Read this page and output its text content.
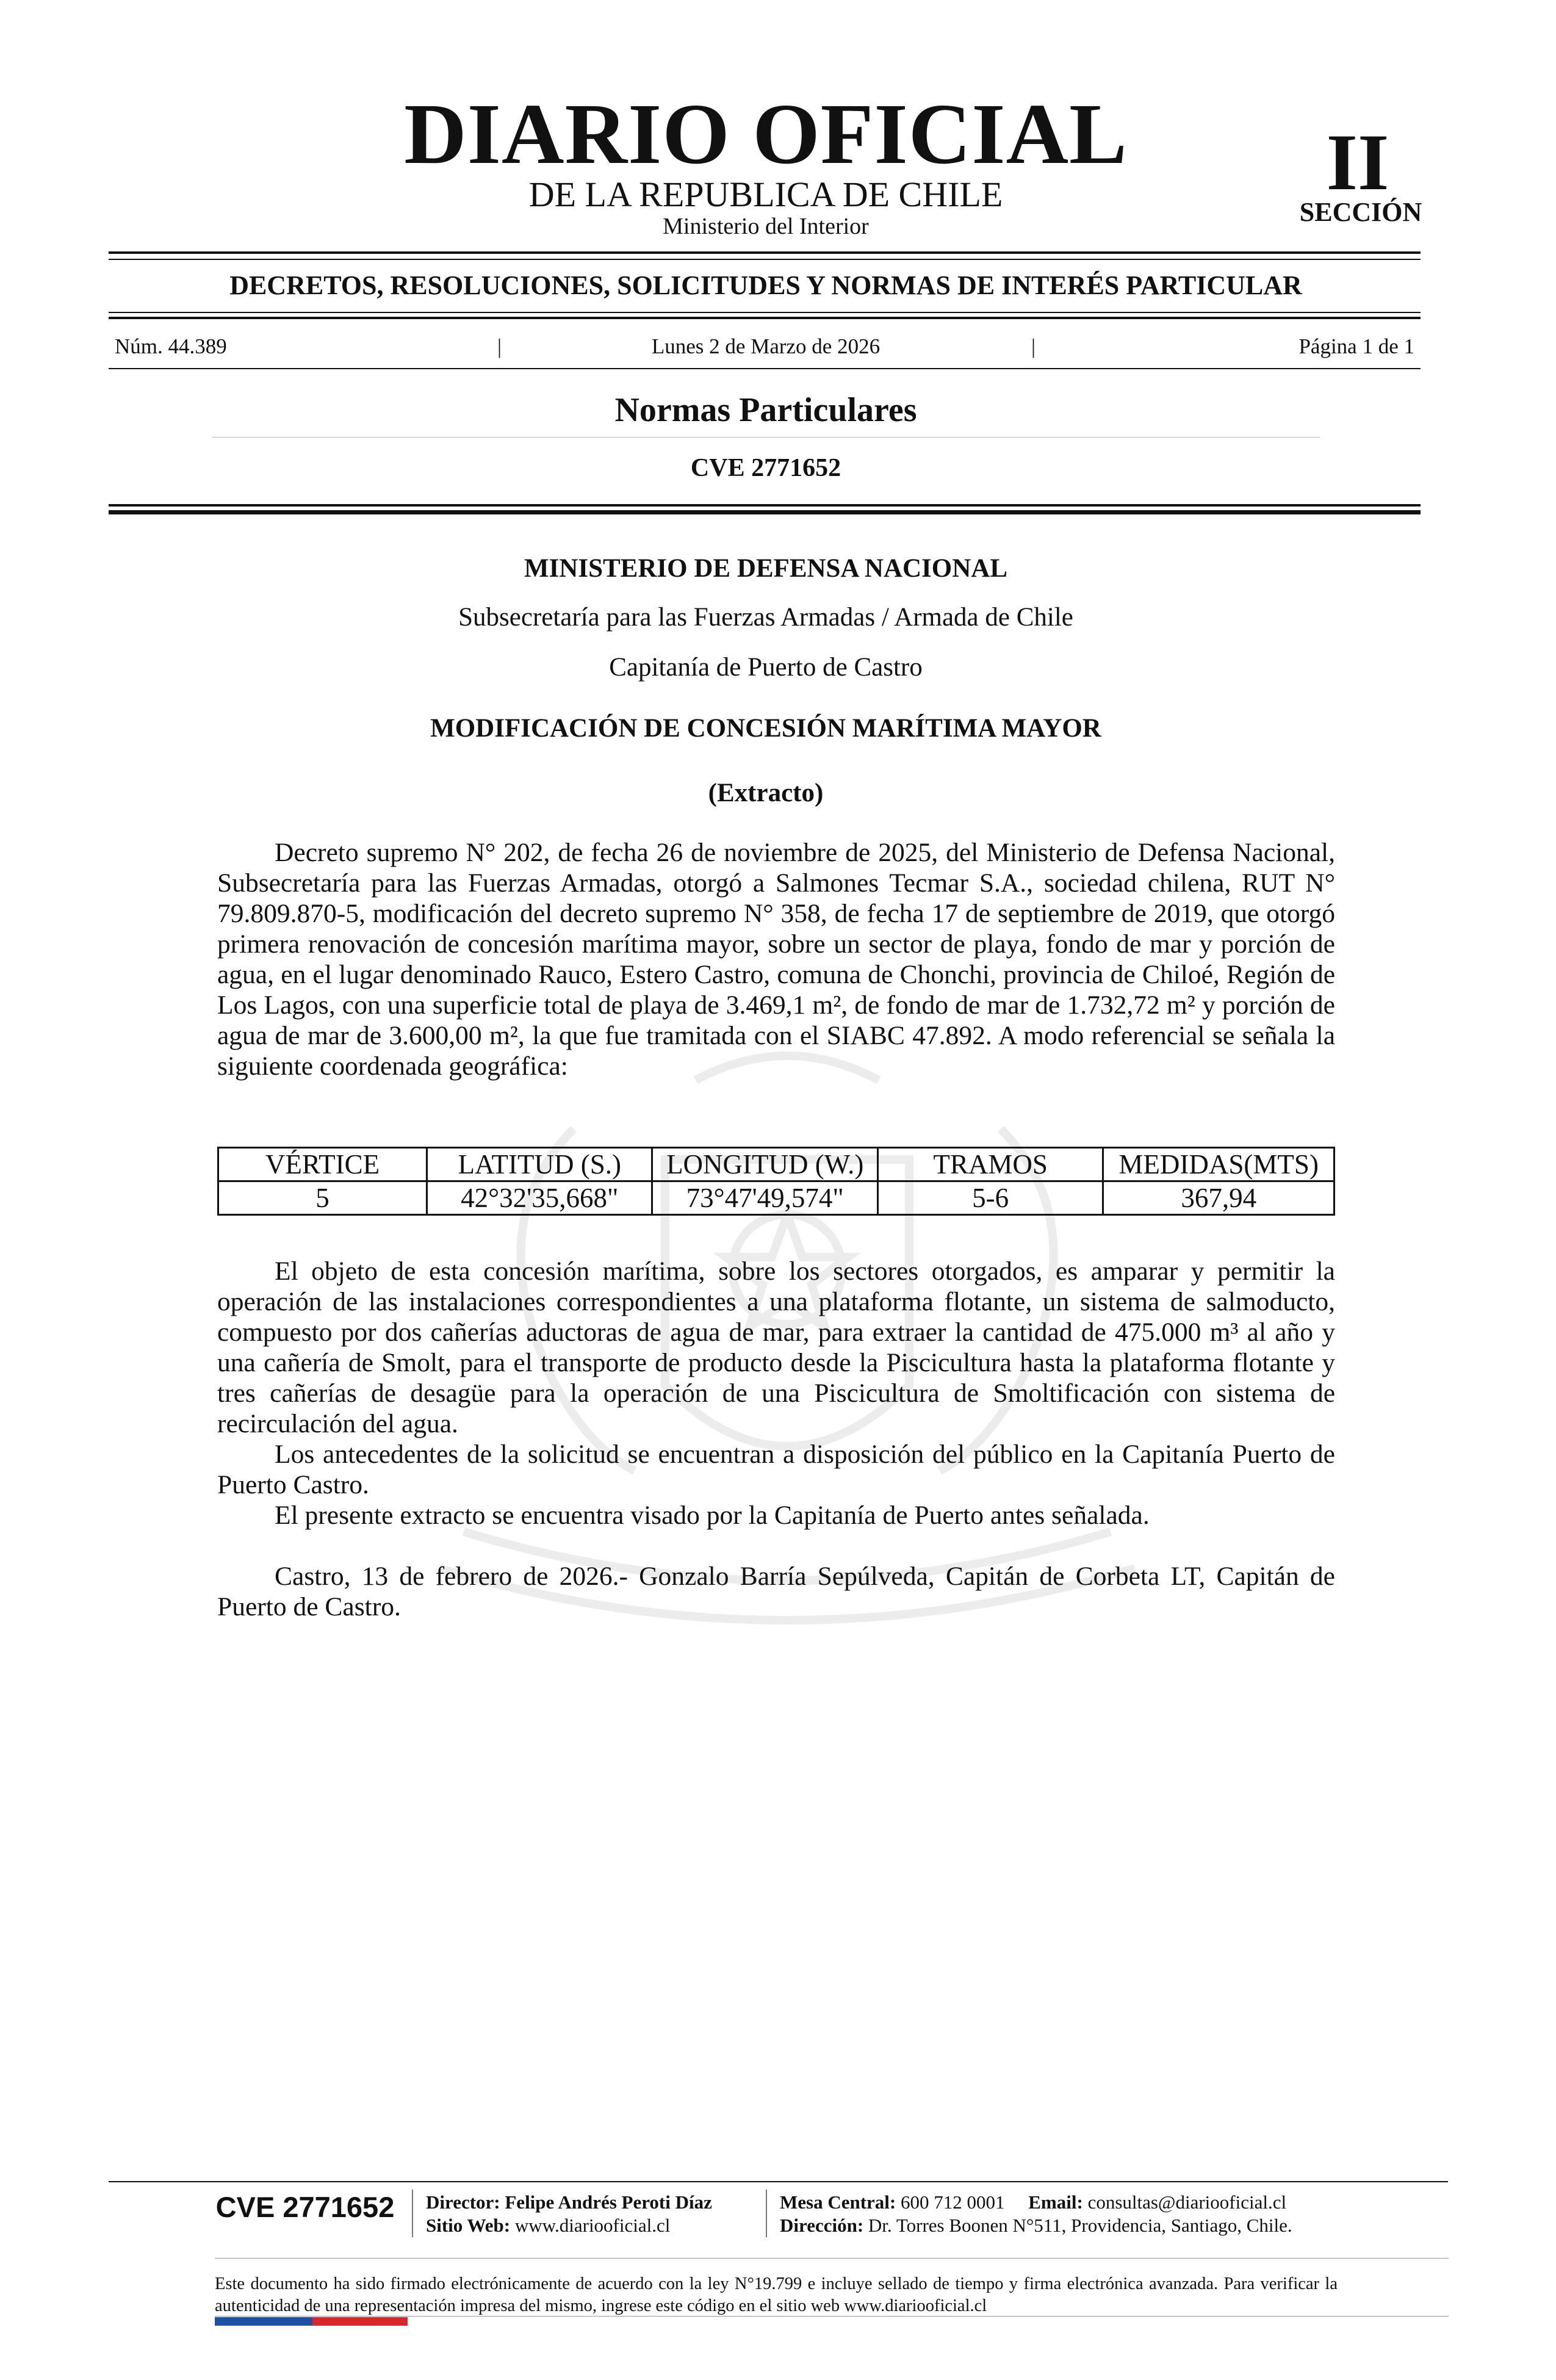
DIARIO OFICIAL
DE LA REPUBLICA DE CHILE
Ministerio del Interior
II
SECCIÓN
DECRETOS, RESOLUCIONES, SOLICITUDES Y NORMAS DE INTERÉS PARTICULAR
Núm. 44.389	|	Lunes 2 de Marzo de 2026	|	Página 1 de 1
Normas Particulares
CVE 2771652
MINISTERIO DE DEFENSA NACIONAL
Subsecretaría para las Fuerzas Armadas / Armada de Chile
Capitanía de Puerto de Castro
MODIFICACIÓN DE CONCESIÓN MARÍTIMA MAYOR
(Extracto)

Decreto supremo N° 202, de fecha 26 de noviembre de 2025, del Ministerio de Defensa Nacional, Subsecretaría para las Fuerzas Armadas, otorgó a Salmones Tecmar S.A., sociedad chilena, RUT N° 79.809.870-5, modificación del decreto supremo N° 358, de fecha 17 de septiembre de 2019, que otorgó primera renovación de concesión marítima mayor, sobre un sector de playa, fondo de mar y porción de agua, en el lugar denominado Rauco, Estero Castro, comuna de Chonchi, provincia de Chiloé, Región de Los Lagos, con una superficie total de playa de 3.469,1 m², de fondo de mar de 1.732,72 m² y porción de agua de mar de 3.600,00 m², la que fue tramitada con el SIABC 47.892. A modo referencial se señala la siguiente coordenada geográfica:

VÉRTICE	LATITUD (S.)	LONGITUD (W.)	TRAMOS	MEDIDAS(MTS)
5	42°32'35,668"	73°47'49,574"	5-6	367,94

El objeto de esta concesión marítima, sobre los sectores otorgados, es amparar y permitir la operación de las instalaciones correspondientes a una plataforma flotante, un sistema de salmoducto, compuesto por dos cañerías aductoras de agua de mar, para extraer la cantidad de 475.000 m³ al año y una cañería de Smolt, para el transporte de producto desde la Piscicultura hasta la plataforma flotante y tres cañerías de desagüe para la operación de una Piscicultura de Smoltificación con sistema de recirculación del agua.

Los antecedentes de la solicitud se encuentran a disposición del público en la Capitanía Puerto de Puerto Castro.

El presente extracto se encuentra visado por la Capitanía de Puerto antes señalada.

Castro, 13 de febrero de 2026.- Gonzalo Barría Sepúlveda, Capitán de Corbeta LT, Capitán de Puerto de Castro.

CVE 2771652	Director: Felipe Andrés Peroti Díaz
Sitio Web: www.diariooficial.cl
Mesa Central: 600 712 0001 Email: consultas@diariooficial.cl
Dirección: Dr. Torres Boonen N°511, Providencia, Santiago, Chile.
Este documento ha sido firmado electrónicamente de acuerdo con la ley N°19.799 e incluye sellado de tiempo y firma electrónica avanzada. Para verificar la autenticidad de una representación impresa del mismo, ingrese este código en el sitio web www.diariooficial.cl
